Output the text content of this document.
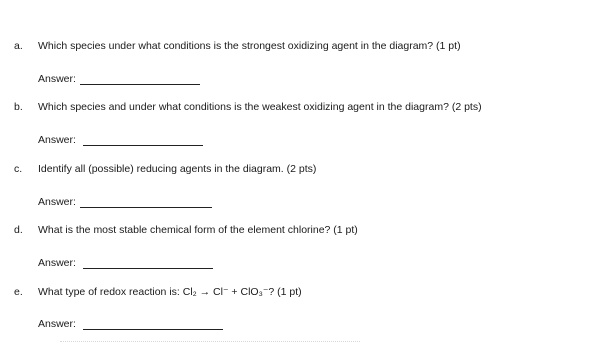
a. Which species under what conditions is the strongest oxidizing agent in the diagram? (1 pt)
Answer:
b. Which species and under what conditions is the weakest oxidizing agent in the diagram? (2 pts)
Answer:
c. Identify all (possible) reducing agents in the diagram. (2 pts)
Answer:
d. What is the most stable chemical form of the element chlorine? (1 pt)
Answer:
e. What type of redox reaction is: Cl₂ → Cl⁻ + ClO₃⁻? (1 pt)
Answer:
